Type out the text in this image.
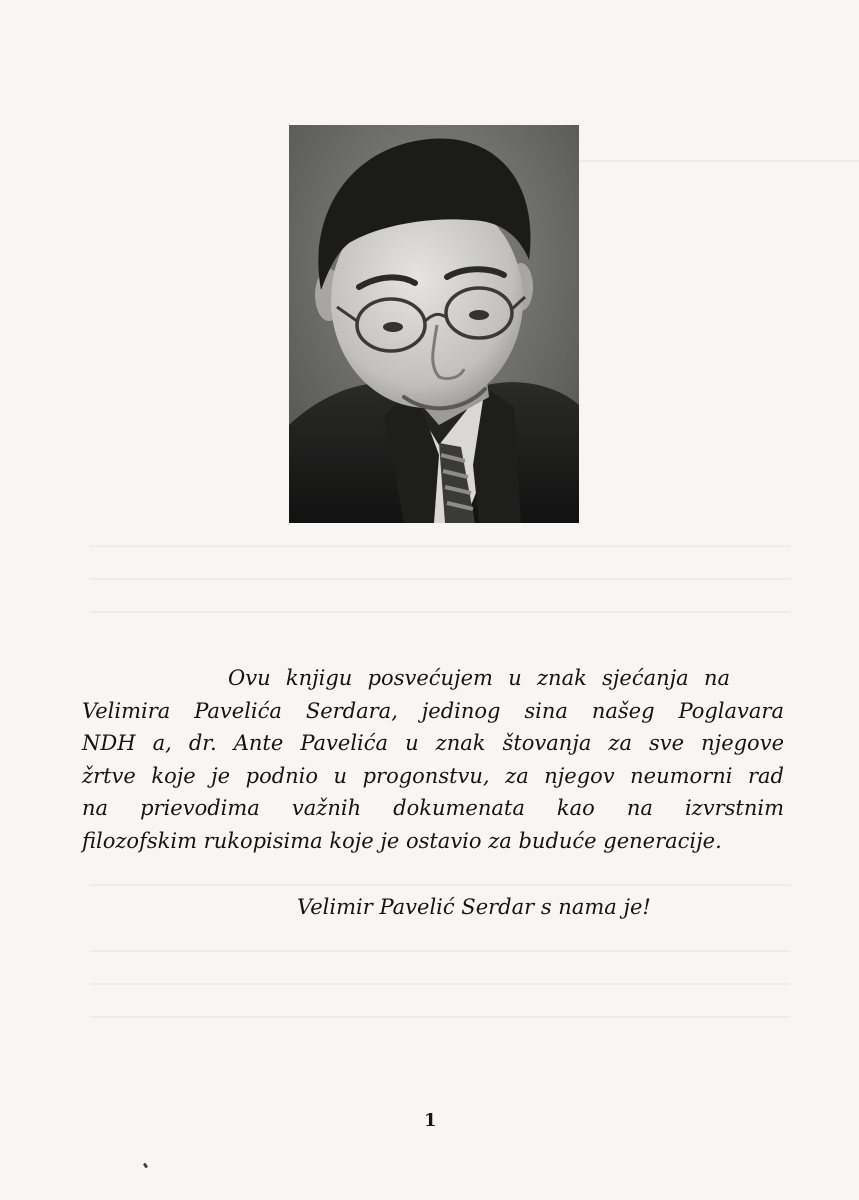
Ovu knjigu posvećujem u znak sjećanja na
Velimira Pavelića Serdara, jedinog sina našeg Poglavara
NDH a, dr. Ante Pavelića u znak štovanja za sve njegove
žrtve koje je podnio u progonstvu, za njegov neumorni rad
na prievodima važnih dokumenata kao na izvrstnim
filozofskim rukopisima koje je ostavio za buduće generacije.
Velimir Pavelić Serdar s nama je!
1
